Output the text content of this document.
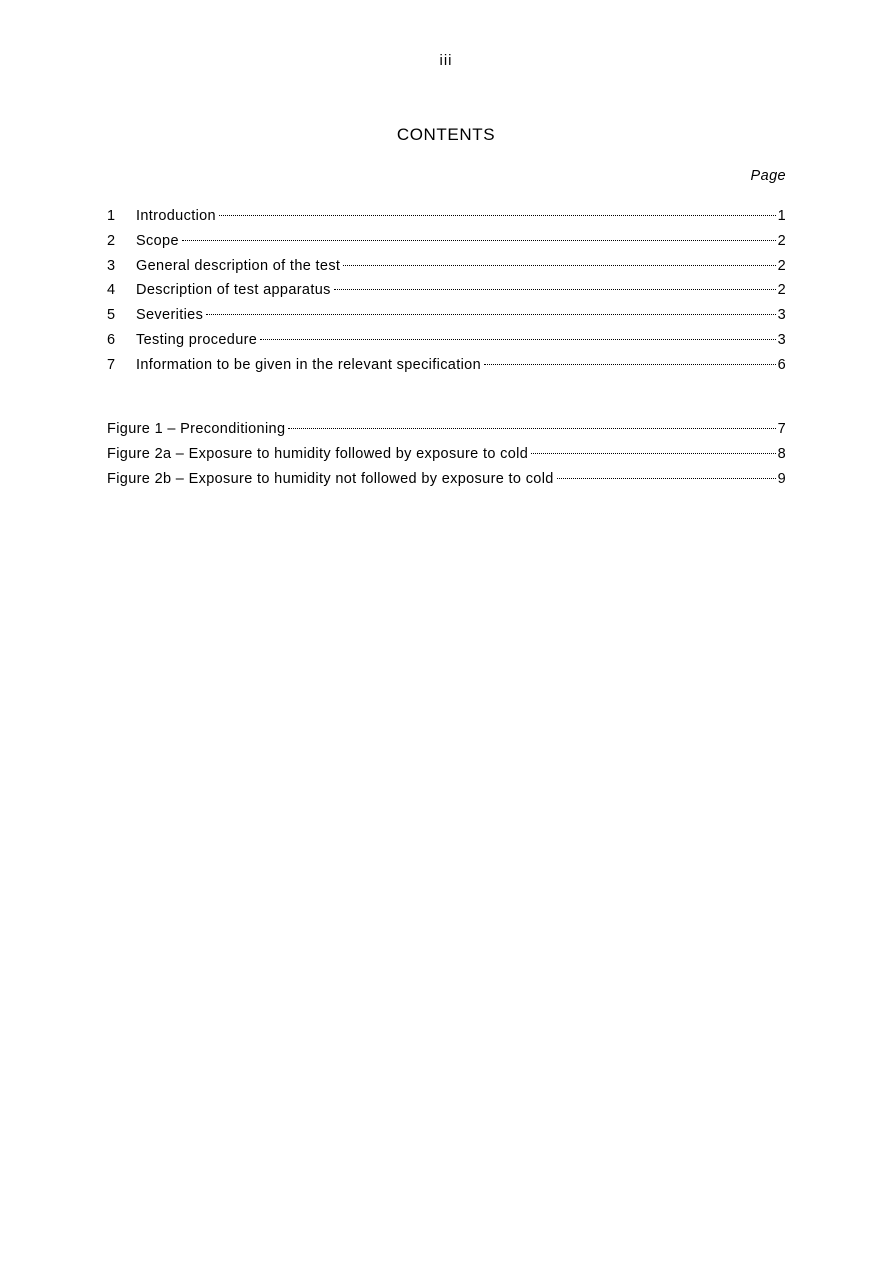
iii
CONTENTS
Page
1	Introduction	1
2	Scope	2
3	General description of the test	2
4	Description of test apparatus	2
5	Severities	3
6	Testing procedure	3
7	Information to be given in the relevant specification	6
Figure 1 – Preconditioning	7
Figure 2a – Exposure to humidity followed by exposure to cold	8
Figure 2b – Exposure to humidity not followed by exposure to cold	9
